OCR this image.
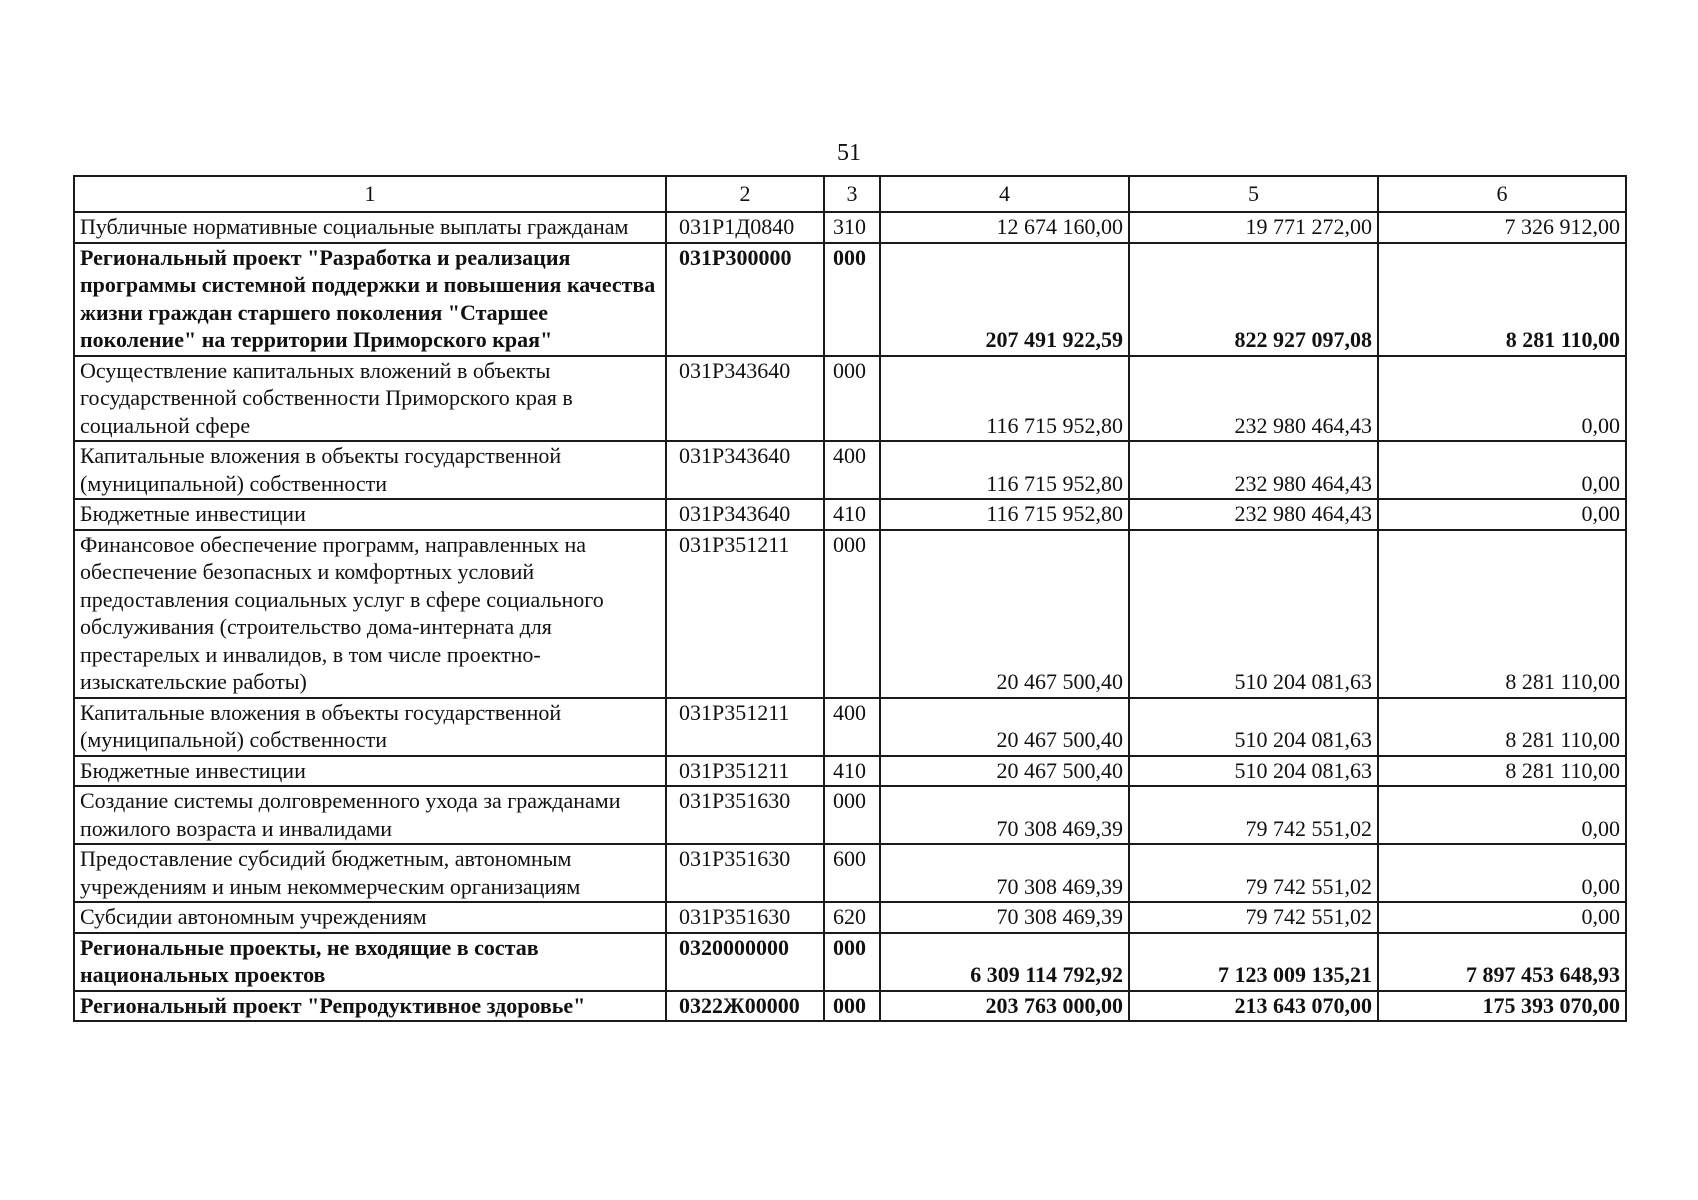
51
1	2	3	4	5	6
Публичные нормативные социальные выплаты гражданам	031Р1Д0840	310	12 674 160,00	19 771 272,00	7 326 912,00
Региональный проект "Разработка и реализация программы системной поддержки и повышения качества жизни граждан старшего поколения "Старшее поколение" на территории Приморского края"	031Р300000	000	207 491 922,59	822 927 097,08	8 281 110,00
Осуществление капитальных вложений в объекты государственной собственности Приморского края в социальной сфере	031Р343640	000	116 715 952,80	232 980 464,43	0,00
Капитальные вложения в объекты государственной (муниципальной) собственности	031Р343640	400	116 715 952,80	232 980 464,43	0,00
Бюджетные инвестиции	031Р343640	410	116 715 952,80	232 980 464,43	0,00
Финансовое обеспечение программ, направленных на обеспечение безопасных и комфортных условий предоставления социальных услуг в сфере социального обслуживания (строительство дома-интерната для престарелых и инвалидов, в том числе проектно-изыскательские работы)	031Р351211	000	20 467 500,40	510 204 081,63	8 281 110,00
Капитальные вложения в объекты государственной (муниципальной) собственности	031Р351211	400	20 467 500,40	510 204 081,63	8 281 110,00
Бюджетные инвестиции	031Р351211	410	20 467 500,40	510 204 081,63	8 281 110,00
Создание системы долговременного ухода за гражданами пожилого возраста и инвалидами	031Р351630	000	70 308 469,39	79 742 551,02	0,00
Предоставление субсидий бюджетным, автономным учреждениям и иным некоммерческим организациям	031Р351630	600	70 308 469,39	79 742 551,02	0,00
Субсидии автономным учреждениям	031Р351630	620	70 308 469,39	79 742 551,02	0,00
Региональные проекты, не входящие в состав национальных проектов	0320000000	000	6 309 114 792,92	7 123 009 135,21	7 897 453 648,93
Региональный проект "Репродуктивное здоровье"	0322Ж00000	000	203 763 000,00	213 643 070,00	175 393 070,00
